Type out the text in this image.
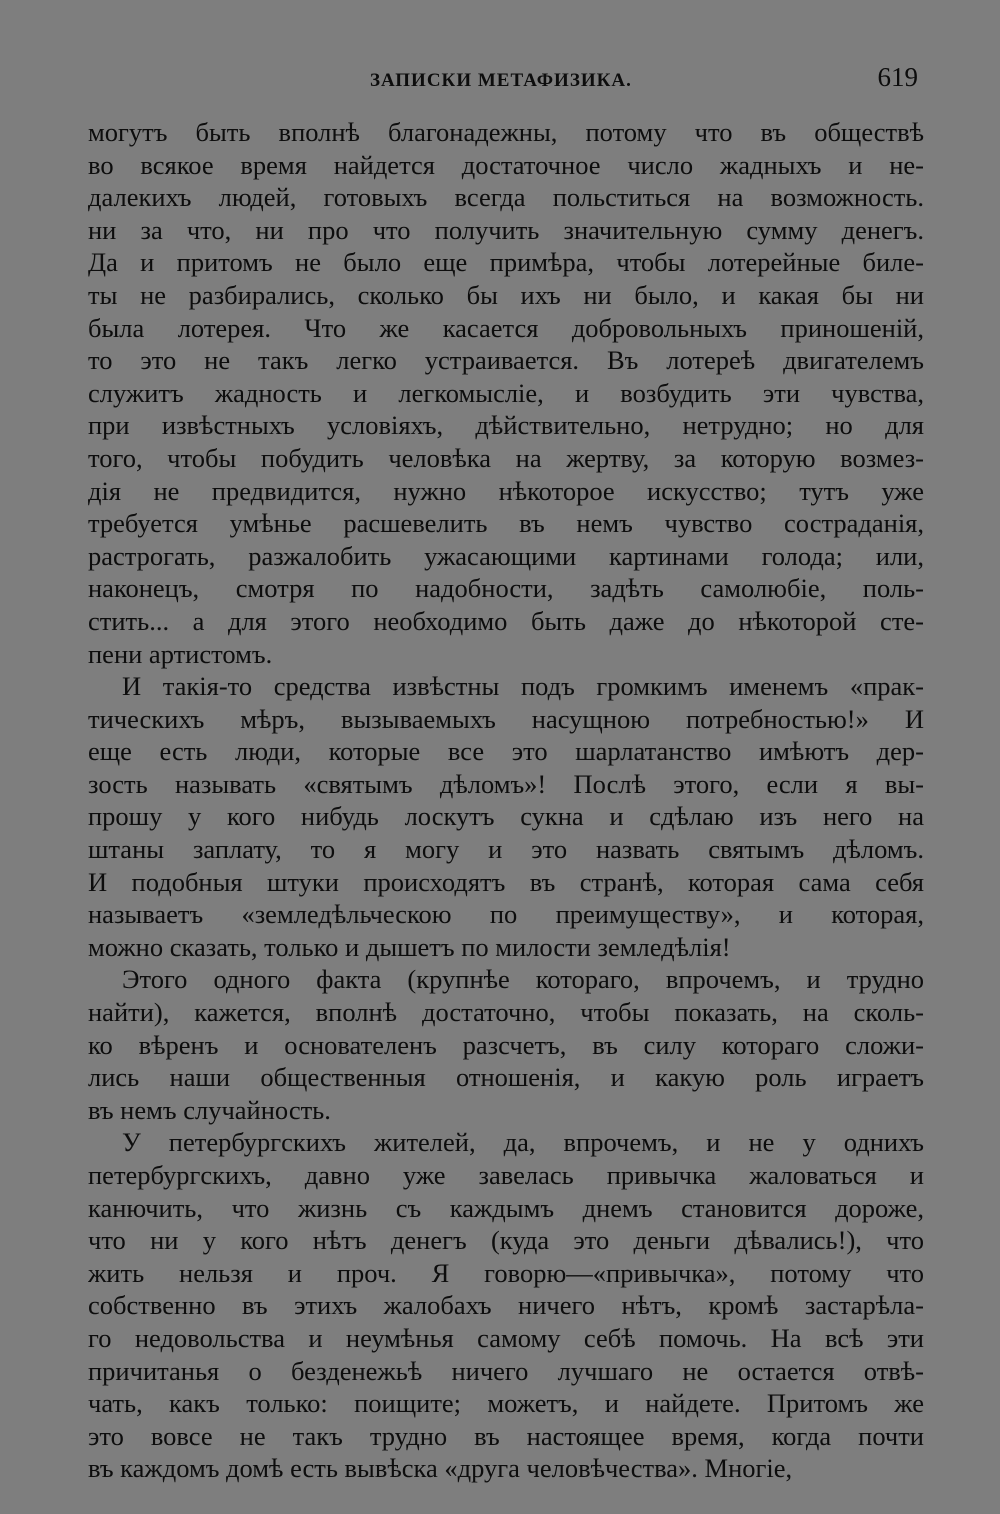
ЗАПИСКИ МЕТАФИЗИКА.	619
могутъ быть вполнѣ благонадежны, потому что въ обществѣ
во всякое время найдется достаточное число жадныхъ и не-
далекихъ людей, готовыхъ всегда польститься на возможность.
ни за что, ни про что получить значительную сумму денегъ.
Да и притомъ не было еще примѣра, чтобы лотерейные биле-
ты не разбирались, сколько бы ихъ ни было, и какая бы ни
была лотерея. Что же касается добровольныхъ приношеній,
то это не такъ легко устраивается. Въ лотереѣ двигателемъ
служитъ жадность и легкомысліе, и возбудить эти чувства,
при извѣстныхъ условіяхъ, дѣйствительно, нетрудно; но для
того, чтобы побудить человѣка на жертву, за которую возмез-
дія не предвидится, нужно нѣкоторое искусство; тутъ уже
требуется умѣнье расшевелить въ немъ чувство состраданія,
растрогать, разжалобить ужасающими картинами голода; или,
наконецъ, смотря по надобности, задѣть самолюбіе, поль-
стить... а для этого необходимо быть даже до нѣкоторой сте-
пени артистомъ.
И такія-то средства извѣстны подъ громкимъ именемъ «прак-
тическихъ мѣръ, вызываемыхъ насущною потребностью!» И
еще есть люди, которые все это шарлатанство имѣютъ дер-
зость называть «святымъ дѣломъ»! Послѣ этого, если я вы-
прошу у кого нибудь лоскутъ сукна и сдѣлаю изъ него на
штаны заплату, то я могу и это назвать святымъ дѣломъ.
И подобныя штуки происходятъ въ странѣ, которая сама себя
называетъ «земледѣльческою по преимуществу», и которая,
можно сказать, только и дышетъ по милости земледѣлія!
Этого одного факта (крупнѣе котораго, впрочемъ, и трудно
найти), кажется, вполнѣ достаточно, чтобы показать, на сколь-
ко вѣренъ и основателенъ разсчетъ, въ силу котораго сложи-
лись наши общественныя отношенія, и какую роль играетъ
въ немъ случайность.
У петербургскихъ жителей, да, впрочемъ, и не у однихъ
петербургскихъ, давно уже завелась привычка жаловаться и
канючить, что жизнь съ каждымъ днемъ становится дороже,
что ни у кого нѣтъ денегъ (куда это деньги дѣвались!), что
жить нельзя и проч. Я говорю—«привычка», потому что
собственно въ этихъ жалобахъ ничего нѣтъ, кромѣ застарѣла-
го недовольства и неумѣнья самому себѣ помочь. На всѣ эти
причитанья о безденежьѣ ничего лучшаго не остается отвѣ-
чать, какъ только: поищите; можетъ, и найдете. Притомъ же
это вовсе не такъ трудно въ настоящее время, когда почти
въ каждомъ домѣ есть вывѣска «друга человѣчества». Многіе,
